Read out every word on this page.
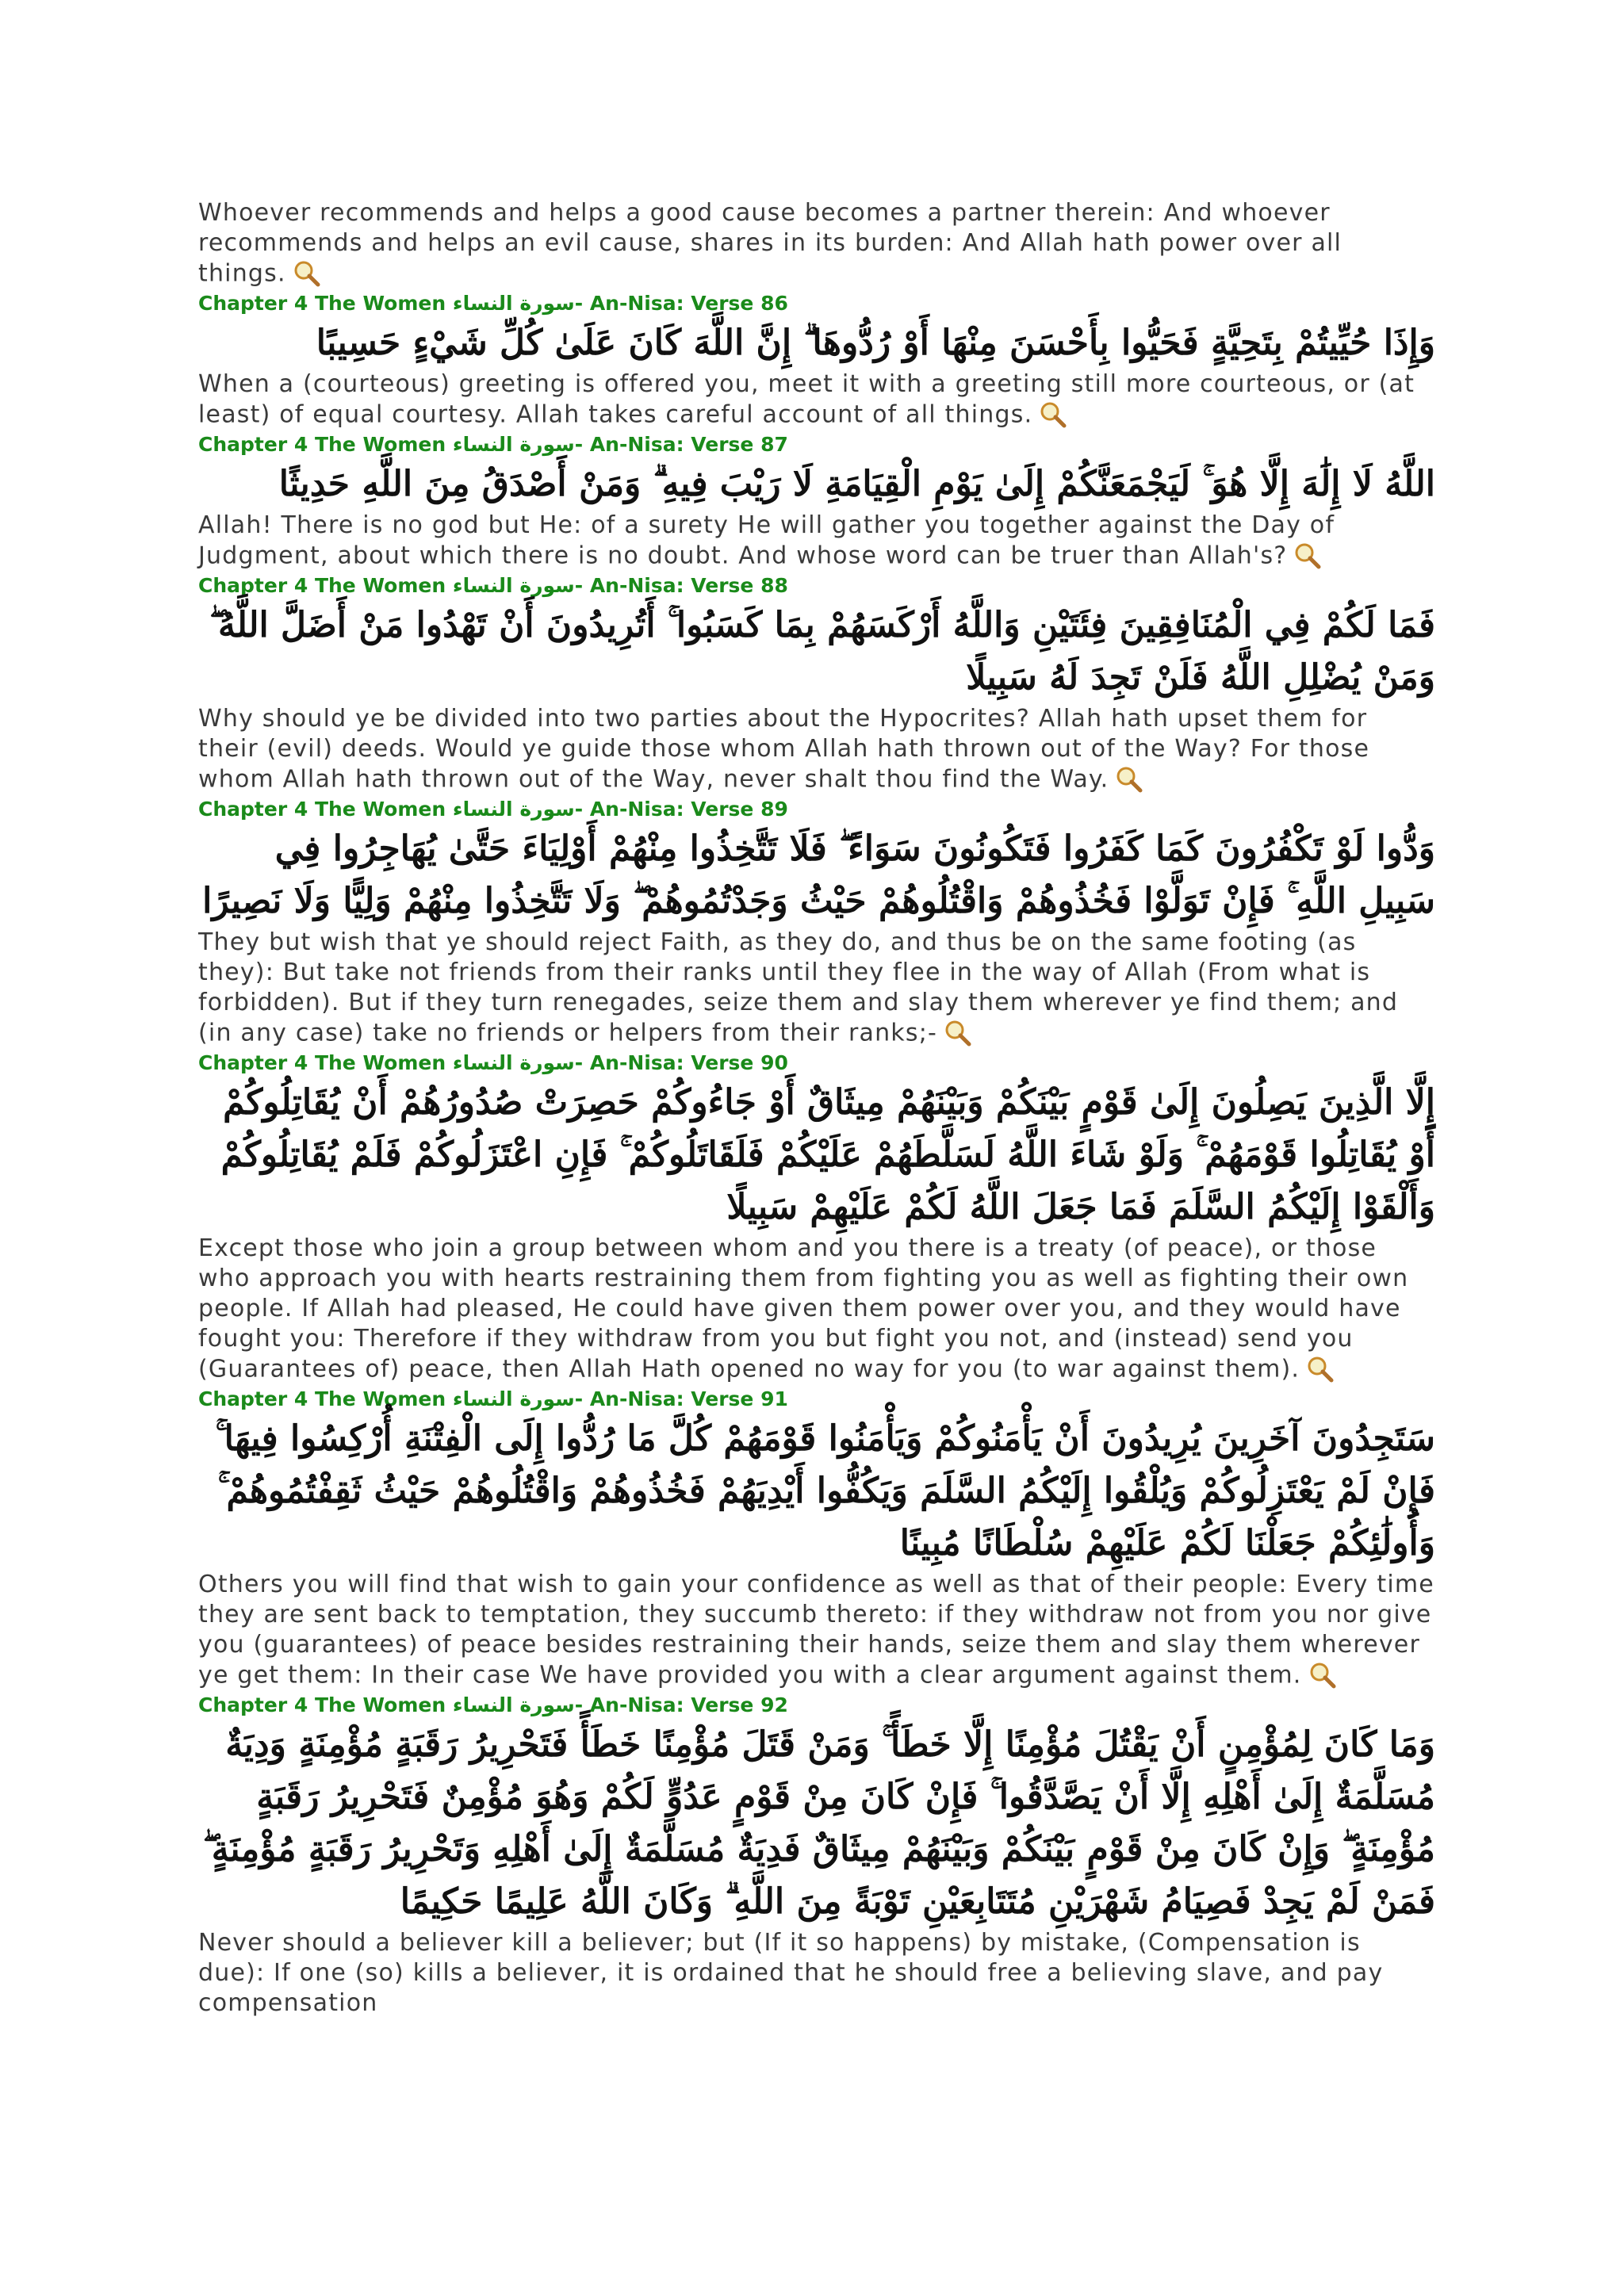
Whoever recommends and helps a good cause becomes a partner therein: And whoever recommends and helps an evil cause, shares in its burden: And Allah hath power over all things.

Chapter 4 The Women سورة النساء- An-Nisa: Verse 86

وَإِذَا حُيِّيتُمْ بِتَحِيَّةٍ فَحَيُّوا بِأَحْسَنَ مِنْهَا أَوْ رُدُّوهَا ۗ إِنَّ اللَّهَ كَانَ عَلَىٰ كُلِّ شَيْءٍ حَسِيبًا

When a (courteous) greeting is offered you, meet it with a greeting still more courteous, or (at least) of equal courtesy. Allah takes careful account of all things.

Chapter 4 The Women سورة النساء- An-Nisa: Verse 87

اللَّهُ لَا إِلَٰهَ إِلَّا هُوَ ۚ لَيَجْمَعَنَّكُمْ إِلَىٰ يَوْمِ الْقِيَامَةِ لَا رَيْبَ فِيهِ ۗ وَمَنْ أَصْدَقُ مِنَ اللَّهِ حَدِيثًا

Allah! There is no god but He: of a surety He will gather you together against the Day of Judgment, about which there is no doubt. And whose word can be truer than Allah's?

Chapter 4 The Women سورة النساء- An-Nisa: Verse 88

فَمَا لَكُمْ فِي الْمُنَافِقِينَ فِئَتَيْنِ وَاللَّهُ أَرْكَسَهُمْ بِمَا كَسَبُوا ۚ أَتُرِيدُونَ أَنْ تَهْدُوا مَنْ أَضَلَّ اللَّهُ ۖ وَمَنْ يُضْلِلِ اللَّهُ فَلَنْ تَجِدَ لَهُ سَبِيلًا

Why should ye be divided into two parties about the Hypocrites? Allah hath upset them for their (evil) deeds. Would ye guide those whom Allah hath thrown out of the Way? For those whom Allah hath thrown out of the Way, never shalt thou find the Way.

Chapter 4 The Women سورة النساء- An-Nisa: Verse 89

وَدُّوا لَوْ تَكْفُرُونَ كَمَا كَفَرُوا فَتَكُونُونَ سَوَاءً ۖ فَلَا تَتَّخِذُوا مِنْهُمْ أَوْلِيَاءَ حَتَّىٰ يُهَاجِرُوا فِي سَبِيلِ اللَّهِ ۚ فَإِنْ تَوَلَّوْا فَخُذُوهُمْ وَاقْتُلُوهُمْ حَيْثُ وَجَدْتُمُوهُمْ ۖ وَلَا تَتَّخِذُوا مِنْهُمْ وَلِيًّا وَلَا نَصِيرًا

They but wish that ye should reject Faith, as they do, and thus be on the same footing (as they): But take not friends from their ranks until they flee in the way of Allah (From what is forbidden). But if they turn renegades, seize them and slay them wherever ye find them; and (in any case) take no friends or helpers from their ranks;-

Chapter 4 The Women سورة النساء- An-Nisa: Verse 90

إِلَّا الَّذِينَ يَصِلُونَ إِلَىٰ قَوْمٍ بَيْنَكُمْ وَبَيْنَهُمْ مِيثَاقٌ أَوْ جَاءُوكُمْ حَصِرَتْ صُدُورُهُمْ أَنْ يُقَاتِلُوكُمْ أَوْ يُقَاتِلُوا قَوْمَهُمْ ۚ وَلَوْ شَاءَ اللَّهُ لَسَلَّطَهُمْ عَلَيْكُمْ فَلَقَاتَلُوكُمْ ۚ فَإِنِ اعْتَزَلُوكُمْ فَلَمْ يُقَاتِلُوكُمْ وَأَلْقَوْا إِلَيْكُمُ السَّلَمَ فَمَا جَعَلَ اللَّهُ لَكُمْ عَلَيْهِمْ سَبِيلًا

Except those who join a group between whom and you there is a treaty (of peace), or those who approach you with hearts restraining them from fighting you as well as fighting their own people. If Allah had pleased, He could have given them power over you, and they would have fought you: Therefore if they withdraw from you but fight you not, and (instead) send you (Guarantees of) peace, then Allah Hath opened no way for you (to war against them).

Chapter 4 The Women سورة النساء- An-Nisa: Verse 91

سَتَجِدُونَ آخَرِينَ يُرِيدُونَ أَنْ يَأْمَنُوكُمْ وَيَأْمَنُوا قَوْمَهُمْ كُلَّ مَا رُدُّوا إِلَى الْفِتْنَةِ أُرْكِسُوا فِيهَا ۚ فَإِنْ لَمْ يَعْتَزِلُوكُمْ وَيُلْقُوا إِلَيْكُمُ السَّلَمَ وَيَكُفُّوا أَيْدِيَهُمْ فَخُذُوهُمْ وَاقْتُلُوهُمْ حَيْثُ ثَقِفْتُمُوهُمْ ۚ وَأُولَٰئِكُمْ جَعَلْنَا لَكُمْ عَلَيْهِمْ سُلْطَانًا مُبِينًا

Others you will find that wish to gain your confidence as well as that of their people: Every time they are sent back to temptation, they succumb thereto: if they withdraw not from you nor give you (guarantees) of peace besides restraining their hands, seize them and slay them wherever ye get them: In their case We have provided you with a clear argument against them.

Chapter 4 The Women سورة النساء- An-Nisa: Verse 92

وَمَا كَانَ لِمُؤْمِنٍ أَنْ يَقْتُلَ مُؤْمِنًا إِلَّا خَطَأً ۚ وَمَنْ قَتَلَ مُؤْمِنًا خَطَأً فَتَحْرِيرُ رَقَبَةٍ مُؤْمِنَةٍ وَدِيَةٌ مُسَلَّمَةٌ إِلَىٰ أَهْلِهِ إِلَّا أَنْ يَصَّدَّقُوا ۚ فَإِنْ كَانَ مِنْ قَوْمٍ عَدُوٍّ لَكُمْ وَهُوَ مُؤْمِنٌ فَتَحْرِيرُ رَقَبَةٍ مُؤْمِنَةٍ ۖ وَإِنْ كَانَ مِنْ قَوْمٍ بَيْنَكُمْ وَبَيْنَهُمْ مِيثَاقٌ فَدِيَةٌ مُسَلَّمَةٌ إِلَىٰ أَهْلِهِ وَتَحْرِيرُ رَقَبَةٍ مُؤْمِنَةٍ ۖ فَمَنْ لَمْ يَجِدْ فَصِيَامُ شَهْرَيْنِ مُتَتَابِعَيْنِ تَوْبَةً مِنَ اللَّهِ ۗ وَكَانَ اللَّهُ عَلِيمًا حَكِيمًا

Never should a believer kill a believer; but (If it so happens) by mistake, (Compensation is due): If one (so) kills a believer, it is ordained that he should free a believing slave, and pay compensation
